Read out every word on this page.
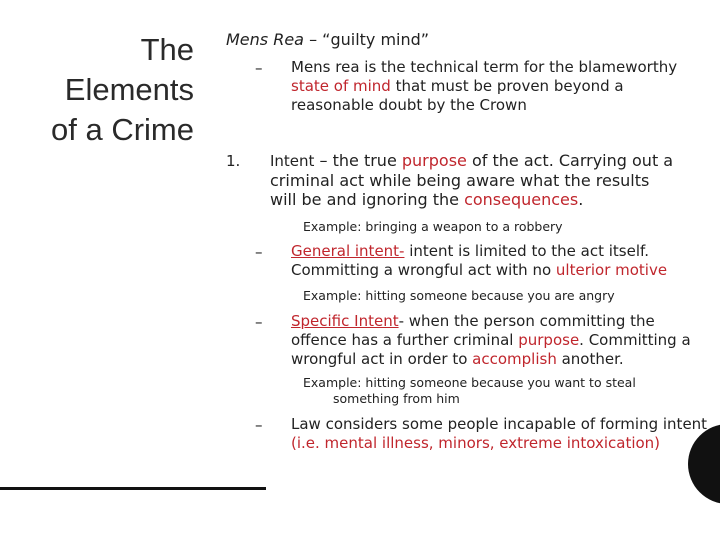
The
Elements
of a Crime
Mens Rea – “guilty mind”
– Mens rea is the technical term for the blameworthy
state of mind that must be proven beyond a
reasonable doubt by the Crown
1. Intent – the true purpose of the act. Carrying out a
criminal act while being aware what the results
will be and ignoring the consequences.
Example: bringing a weapon to a robbery
– General intent- intent is limited to the act itself.
Committing a wrongful act with no ulterior motive
Example: hitting someone because you are angry
– Specific Intent- when the person committing the
offence has a further criminal purpose. Committing a
wrongful act in order to accomplish another.
Example: hitting someone because you want to steal
something from him
– Law considers some people incapable of forming intent
(i.e. mental illness, minors, extreme intoxication)
